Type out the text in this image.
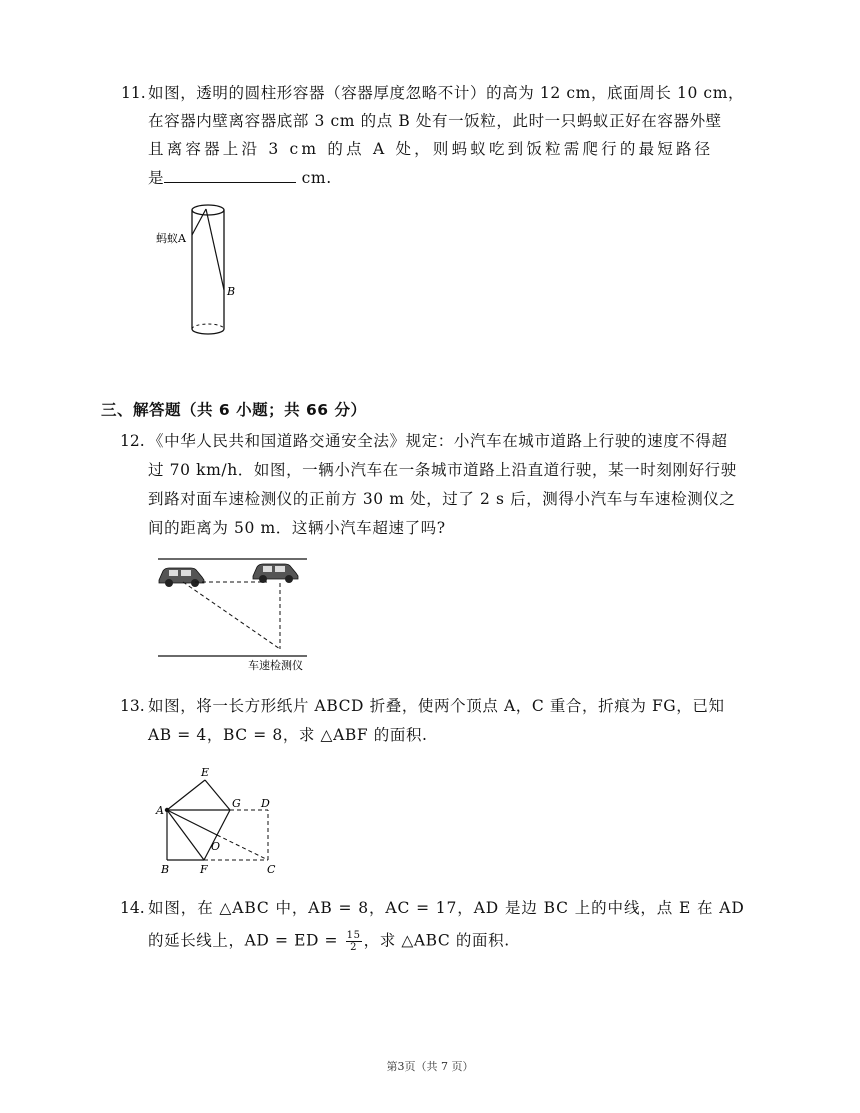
11. 如图，透明的圆柱形容器（容器厚度忽略不计）的高为 12 cm，底面周长 10 cm，
在容器内壁离容器底部 3 cm 的点 B 处有一饭粒，此时一只蚂蚁正好在容器外壁
且离容器上沿 3 cm 的点 A 处，则蚂蚁吃到饭粒需爬行的最短路径
是	cm.
蚂蚁A
B
三、解答题（共 6 小题；共 66 分）
12. 《中华人民共和国道路交通安全法》规定：小汽车在城市道路上行驶的速度不得超
过 70 km/h．如图，一辆小汽车在一条城市道路上沿直道行驶，某一时刻刚好行驶
到路对面车速检测仪的正前方 30 m 处，过了 2 s 后，测得小汽车与车速检测仪之
间的距离为 50 m．这辆小汽车超速了吗?
车速检测仪
13. 如图，将一长方形纸片 ABCD 折叠，使两个顶点 A，C 重合，折痕为 FG，已知
AB = 4，BC = 8，求 △ABF 的面积.
A
B	F	C
D
E
G
O
14. 如图，在 △ABC 中，AB = 8，AC = 17，AD 是边 BC 上的中线，点 E 在 AD
的延长线上，AD = ED = $\frac{15}{2}$ ，求 △ABC 的面积.
第3页（共 7 页）
